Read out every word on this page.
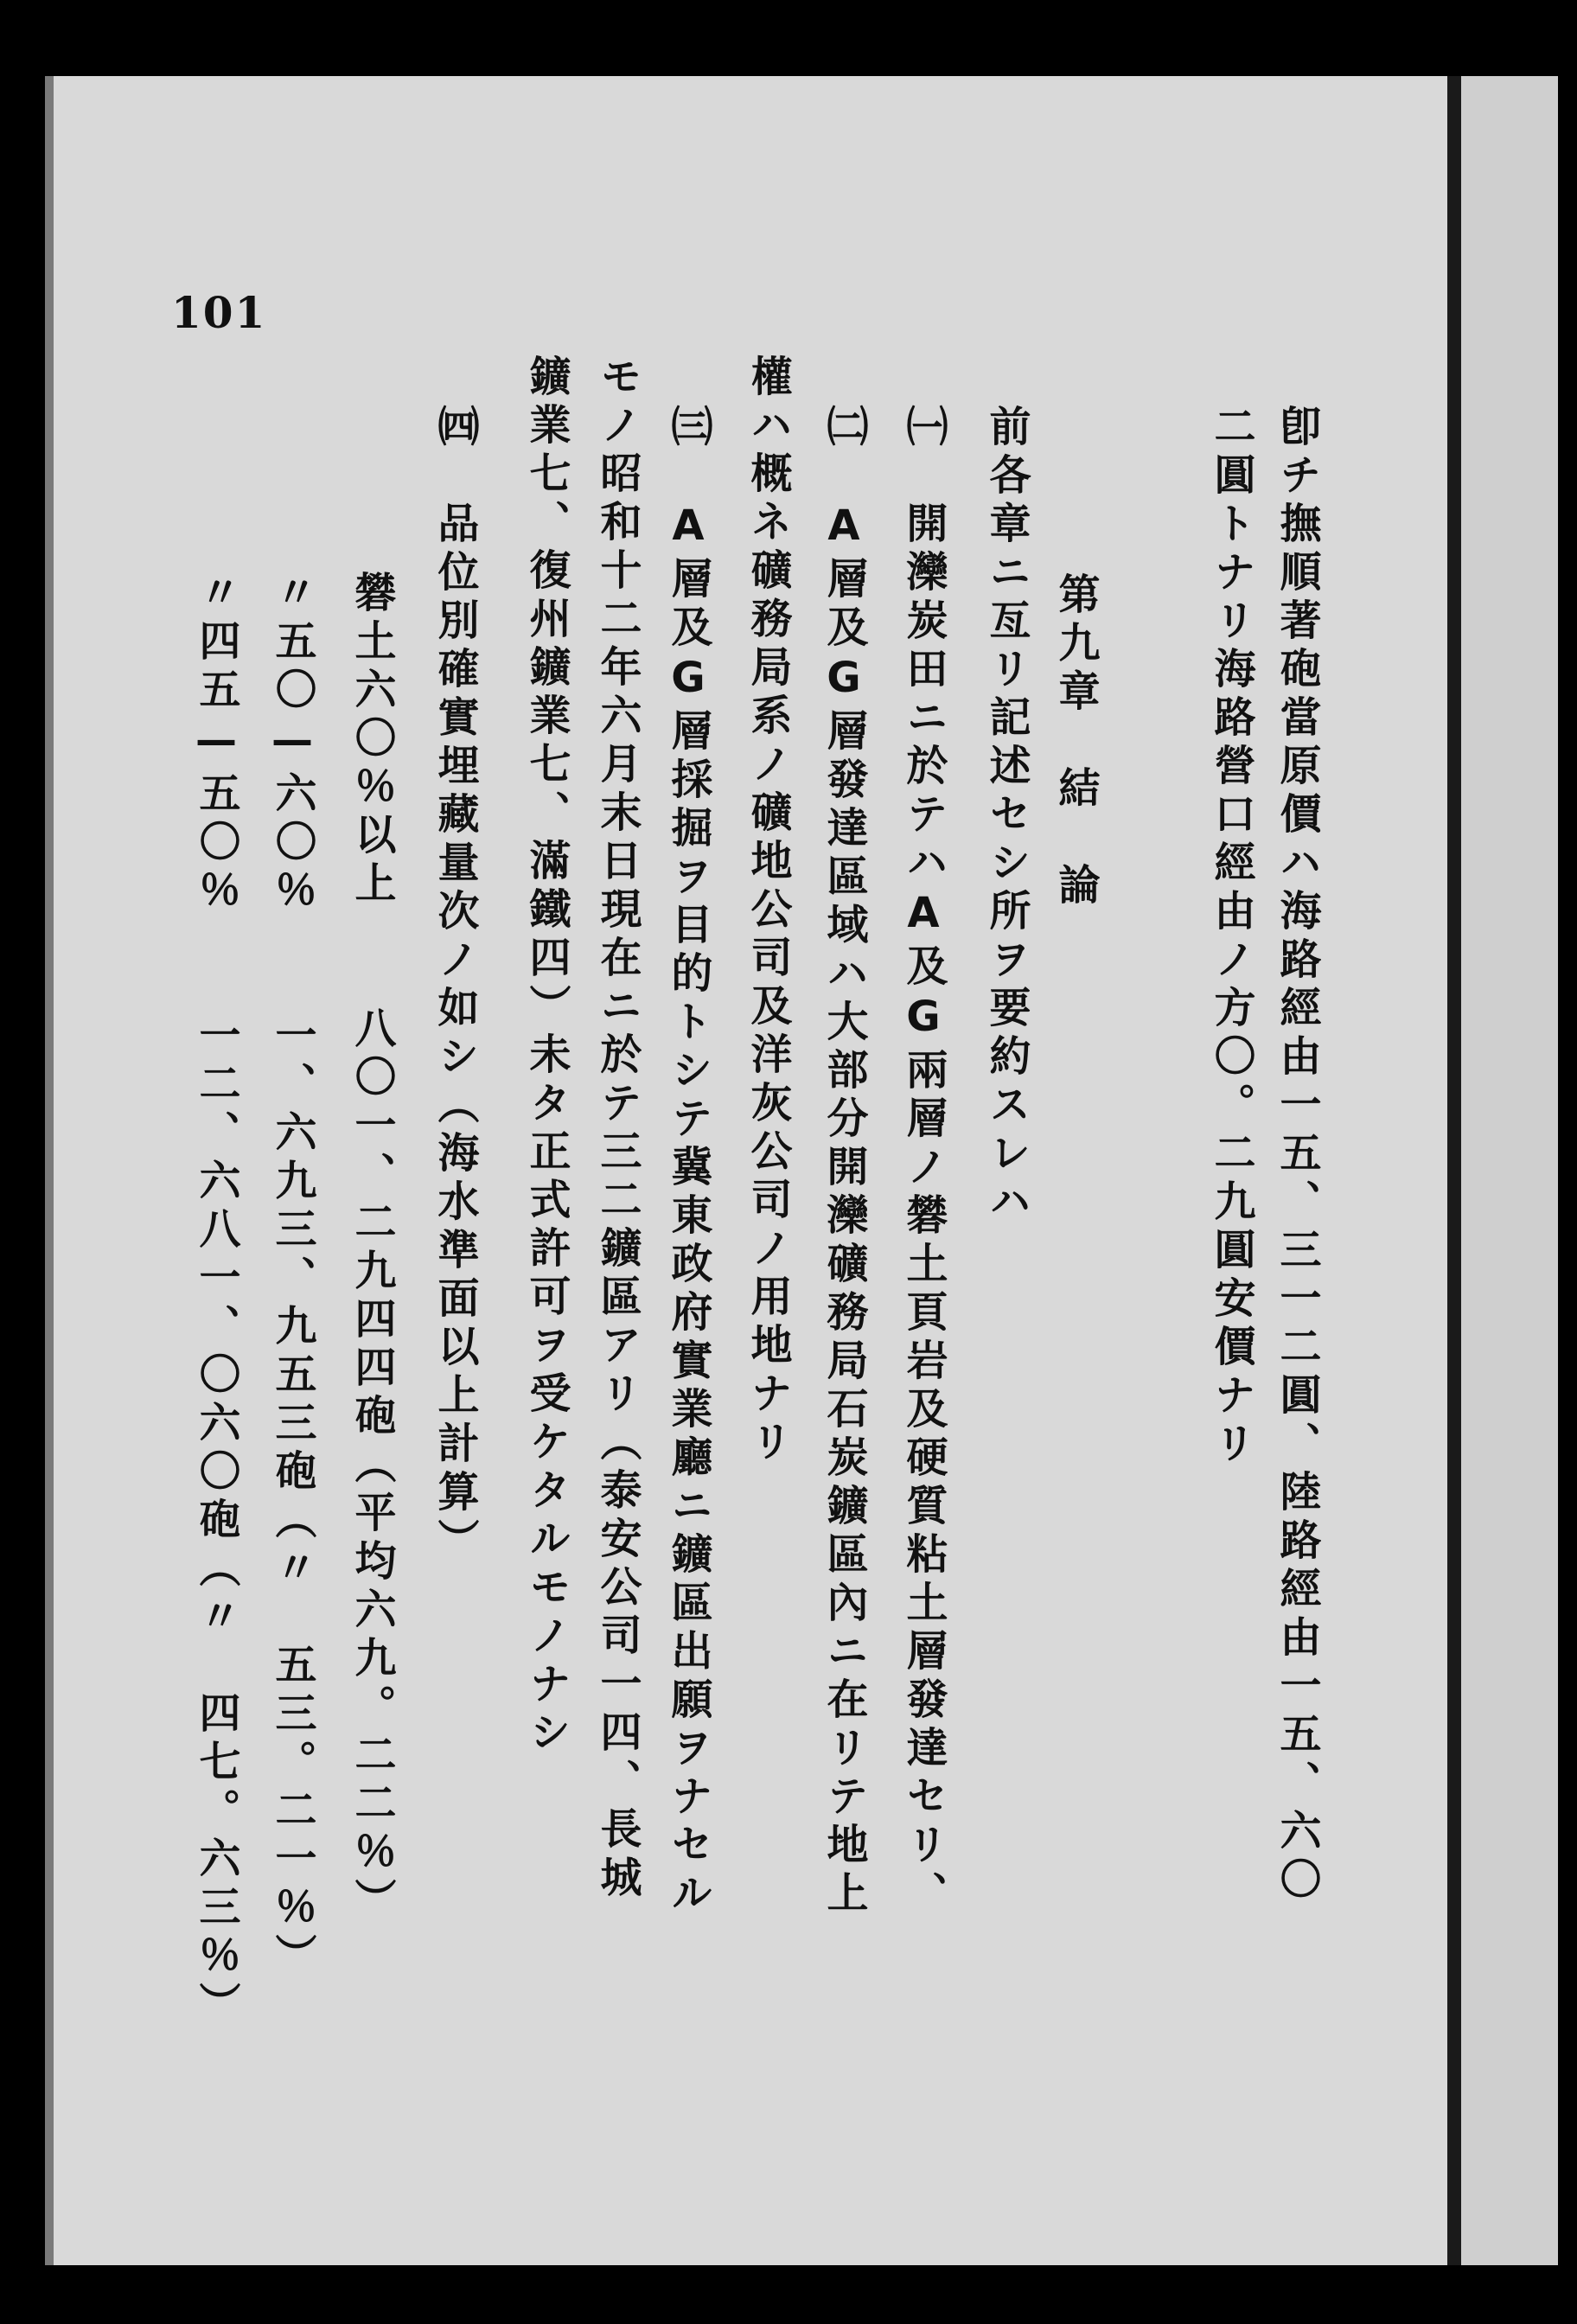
101
卽チ撫順著砲當原價ハ海路經由一五、三一二圓、陸路經由一五、六〇
二圓トナリ海路營口經由ノ方〇。二九圓安價ナリ
第九章　結　論
前各章ニ亙リ記述セシ所ヲ要約スレハ
㈠　開灤炭田ニ於テハA及G兩層ノ礬土頁岩及硬質粘土層發達セリ、
㈡　A層及G層發達區域ハ大部分開灤礦務局石炭鑛區內ニ在リテ地上
權ハ概ネ礦務局系ノ礦地公司及洋灰公司ノ用地ナリ
㈢　A層及G層採掘ヲ目的トシテ冀東政府實業廳ニ鑛區出願ヲナセル
モノ昭和十二年六月末日現在ニ於テ三二鑛區アリ（泰安公司一四、長城
鑛業七、復州鑛業七、滿鐵四）未タ正式許可ヲ受ケタルモノナシ
㈣　品位別確實埋藏量次ノ如シ（海水準面以上計算）
礬土六〇％以上　　八〇一、二九四四砲（平均六九。二二％）
〃五〇—六〇％　　一、六九三、九五三砲（〃　五三。二一％）
〃四五—五〇％　　一二、六八一、〇六〇砲（〃　四七。六三％）
